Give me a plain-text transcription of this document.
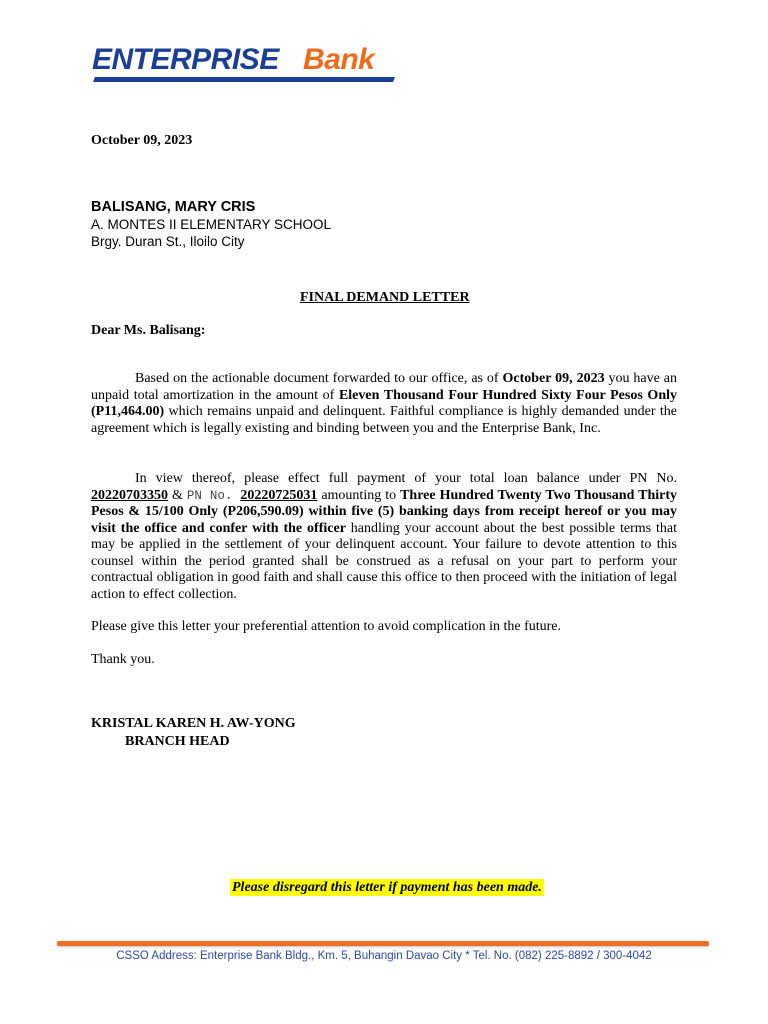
ENTERPRISE Bank
October 09, 2023
BALISANG, MARY CRIS
A. MONTES II ELEMENTARY SCHOOL
Brgy. Duran St., Iloilo City
FINAL DEMAND LETTER
Dear Ms. Balisang:
Based on the actionable document forwarded to our office, as of October 09, 2023 you have an unpaid total amortization in the amount of Eleven Thousand Four Hundred Sixty Four Pesos Only (P11,464.00) which remains unpaid and delinquent. Faithful compliance is highly demanded under the agreement which is legally existing and binding between you and the Enterprise Bank, Inc.
In view thereof, please effect full payment of your total loan balance under PN No. 20220703350 & PN No. 20220725031 amounting to Three Hundred Twenty Two Thousand Thirty Pesos & 15/100 Only (P206,590.09) within five (5) banking days from receipt hereof or you may visit the office and confer with the officer handling your account about the best possible terms that may be applied in the settlement of your delinquent account. Your failure to devote attention to this counsel within the period granted shall be construed as a refusal on your part to perform your contractual obligation in good faith and shall cause this office to then proceed with the initiation of legal action to effect collection.
Please give this letter your preferential attention to avoid complication in the future.
Thank you.
KRISTAL KAREN H. AW-YONG
BRANCH HEAD
Please disregard this letter if payment has been made.
CSSO Address: Enterprise Bank Bldg., Km. 5, Buhangin Davao City * Tel. No. (082) 225-8892 / 300-4042
